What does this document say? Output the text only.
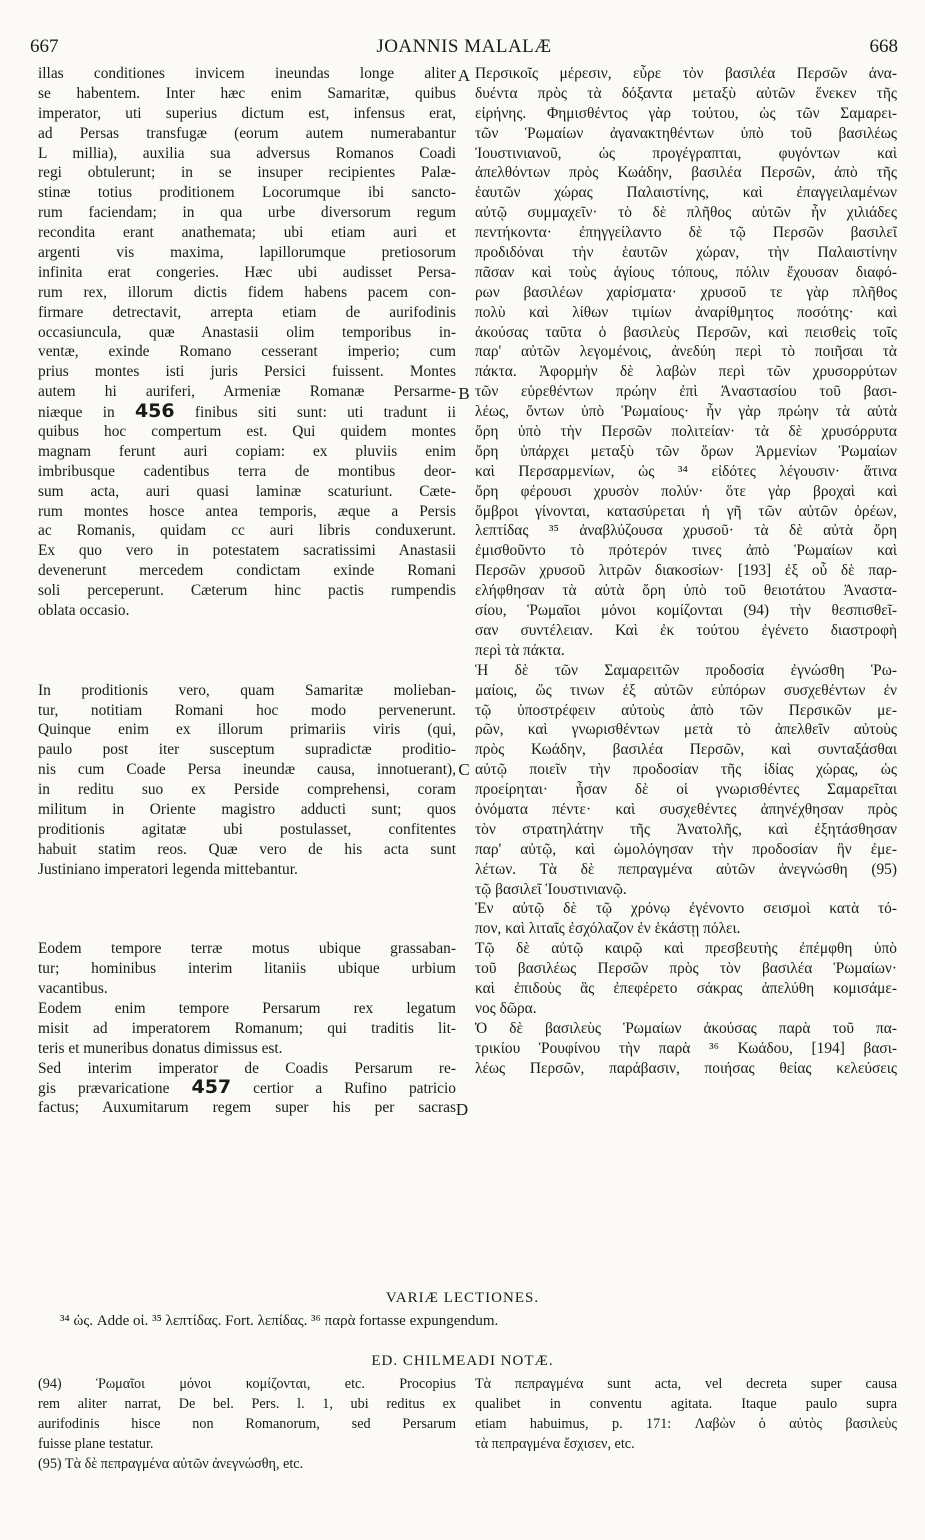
667	JOANNIS MALALÆ	668
A
B
C
D
illas conditiones invicem ineundas longe aliter
se habentem. Inter hæc enim Samaritæ, quibus
imperator, uti superius dictum est, infensus erat,
ad Persas transfugæ (eorum autem numerabantur
L millia), auxilia sua adversus Romanos Coadi
regi obtulerunt; in se insuper recipientes Palæ-
stinæ totius proditionem Locorumque ibi sancto-
rum faciendam; in qua urbe diversorum regum
recondita erant anathemata; ubi etiam auri et
argenti vis maxima, lapillorumque pretiosorum
infinita erat congeries. Hæc ubi audisset Persa-
rum rex, illorum dictis fidem habens pacem con-
firmare detrectavit, arrepta etiam de aurifodinis
occasiuncula, quæ Anastasii olim temporibus in-
ventæ, exinde Romano cesserant imperio; cum
prius montes isti juris Persici fuissent. Montes
autem hi auriferi, Armeniæ Romanæ Persarme-
niæque in 456 finibus siti sunt: uti tradunt ii
quibus hoc compertum est. Qui quidem montes
magnam ferunt auri copiam: ex pluviis enim
imbribusque cadentibus terra de montibus deor-
sum acta, auri quasi laminæ scaturiunt. Cæte-
rum montes hosce antea temporis, æque a Persis
ac Romanis, quidam cc auri libris conduxerunt.
Ex quo vero in potestatem sacratissimi Anastasii
devenerunt mercedem condictam exinde Romani
soli perceperunt. Cæterum hinc pactis rumpendis
oblata occasio.
In proditionis vero, quam Samaritæ molieban-
tur, notitiam Romani hoc modo pervenerunt.
Quinque enim ex illorum primariis viris (qui,
paulo post iter susceptum supradictæ proditio-
nis cum Coade Persa ineundæ causa, innotuerant),
in reditu suo ex Perside comprehensi, coram
militum in Oriente magistro adducti sunt; quos
proditionis agitatæ ubi postulasset, confitentes
habuit statim reos. Quæ vero de his acta sunt
Justiniano imperatori legenda mittebantur.
Eodem tempore terræ motus ubique grassaban-
tur; hominibus interim litaniis ubique urbium
vacantibus.
Eodem enim tempore Persarum rex legatum
misit ad imperatorem Romanum; qui traditis lit-
teris et muneribus donatus dimissus est.
Sed interim imperator de Coadis Persarum re-
gis prævaricatione 457 certior a Rufino patricio
factus; Auxumitarum regem super his per sacras
Περσικοῖς μέρεσιν, εὗρε τὸν βασιλέα Περσῶν ἀνα-
δυέντα πρὸς τὰ δόξαντα μεταξὺ αὐτῶν ἕνεκεν τῆς
εἰρήνης. Φημισθέντος γὰρ τούτου, ὡς τῶν Σαμαρει-
τῶν Ῥωμαίων ἀγανακτηθέντων ὑπὸ τοῦ βασιλέως
Ἰουστινιανοῦ, ὡς προγέγραπται, φυγόντων καὶ
ἀπελθόντων πρὸς Κωάδην, βασιλέα Περσῶν, ἀπὸ τῆς
ἑαυτῶν χώρας Παλαιστίνης, καὶ ἐπαγγειλαμένων
αὐτῷ συμμαχεῖν· τὸ δὲ πλῆθος αὐτῶν ἦν χιλιάδες
πεντήκοντα· ἐπηγγείλαντο δὲ τῷ Περσῶν βασιλεῖ
προδιδόναι τὴν ἑαυτῶν χώραν, τὴν Παλαιστίνην
πᾶσαν καὶ τοὺς ἁγίους τόπους, πόλιν ἔχουσαν διαφό-
ρων βασιλέων χαρίσματα· χρυσοῦ τε γὰρ πλῆθος
πολὺ καὶ λίθων τιμίων ἀναρίθμητος ποσότης· καὶ
ἀκούσας ταῦτα ὁ βασιλεὺς Περσῶν, καὶ πεισθεὶς τοῖς
παρ' αὐτῶν λεγομένοις, ἀνεδύη περὶ τὸ ποιῆσαι τὰ
πάκτα. Ἀφορμὴν δὲ λαβὼν περὶ τῶν χρυσορρύτων
τῶν εὑρεθέντων πρώην ἐπὶ Ἀναστασίου τοῦ βασι-
λέως, ὄντων ὑπὸ Ῥωμαίους· ἦν γὰρ πρώην τὰ αὐτὰ
ὄρη ὑπὸ τὴν Περσῶν πολιτείαν· τὰ δὲ χρυσόρρυτα
ὄρη ὑπάρχει μεταξὺ τῶν ὅρων Ἀρμενίων Ῥωμαίων
καὶ Περσαρμενίων, ὡς ³⁴ εἰδότες λέγουσιν· ἅτινα
ὄρη φέρουσι χρυσὸν πολύν· ὅτε γὰρ βροχαὶ καὶ
ὄμβροι γίνονται, κατασύρεται ἡ γῆ τῶν αὐτῶν ὀρέων,
λεπτίδας ³⁵ ἀναβλύζουσα χρυσοῦ· τὰ δὲ αὐτὰ ὄρη
ἐμισθοῦντο τὸ πρότερόν τινες ἀπὸ Ῥωμαίων καὶ
Περσῶν χρυσοῦ λιτρῶν διακοσίων· [193] ἐξ οὗ δὲ παρ-
ελήφθησαν τὰ αὐτὰ ὄρη ὑπὸ τοῦ θειοτάτου Ἀναστα-
σίου, Ῥωμαῖοι μόνοι κομίζονται (94) τὴν θεσπισθεῖ-
σαν συντέλειαν. Καὶ ἐκ τούτου ἐγένετο διαστροφὴ
περὶ τὰ πάκτα.
Ἡ δὲ τῶν Σαμαρειτῶν προδοσία ἐγνώσθη Ῥω-
μαίοις, ὥς τινων ἐξ αὐτῶν εὐπόρων συσχεθέντων ἐν
τῷ ὑποστρέφειν αὐτοὺς ἀπὸ τῶν Περσικῶν με-
ρῶν, καὶ γνωρισθέντων μετὰ τὸ ἀπελθεῖν αὐτοὺς
πρὸς Κωάδην, βασιλέα Περσῶν, καὶ συνταξάσθαι
αὐτῷ ποιεῖν τὴν προδοσίαν τῆς ἰδίας χώρας, ὡς
προείρηται· ἦσαν δὲ οἱ γνωρισθέντες Σαμαρεῖται
ὀνόματα πέντε· καὶ συσχεθέντες ἀπηνέχθησαν πρὸς
τὸν στρατηλάτην τῆς Ἀνατολῆς, καὶ ἐξητάσθησαν
παρ' αὐτῷ, καὶ ὡμολόγησαν τὴν προδοσίαν ἣν ἐμε-
λέτων. Τὰ δὲ πεπραγμένα αὐτῶν ἀνεγνώσθη (95)
τῷ βασιλεῖ Ἰουστινιανῷ.
Ἐν αὐτῷ δὲ τῷ χρόνῳ ἐγένοντο σεισμοὶ κατὰ τό-
πον, καὶ λιταῖς ἐσχόλαζον ἐν ἑκάστῃ πόλει.
Τῷ δὲ αὐτῷ καιρῷ καὶ πρεσβευτὴς ἐπέμφθη ὑπὸ
τοῦ βασιλέως Περσῶν πρὸς τὸν βασιλέα Ῥωμαίων·
καὶ ἐπιδοὺς ἃς ἐπεφέρετο σάκρας ἀπελύθη κομισάμε-
νος δῶρα.
Ὁ δὲ βασιλεὺς Ῥωμαίων ἀκούσας παρὰ τοῦ πα-
τρικίου Ῥουφίνου τὴν παρὰ ³⁶ Κωάδου, [194] βασι-
λέως Περσῶν, παράβασιν, ποιήσας θείας κελεύσεις
VARIÆ LECTIONES.
³⁴ ὡς. Adde οἱ. ³⁵ λεπτίδας. Fort. λεπίδας. ³⁶ παρὰ fortasse expungendum.
ED. CHILMEADI NOTÆ.
(94) Ῥωμαῖοι μόνοι κομίζονται, etc. Procopius
rem aliter narrat, De bel. Pers. l. 1, ubi reditus ex
aurifodinis hisce non Romanorum, sed Persarum
fuisse plane testatur.
(95) Τὰ δὲ πεπραγμένα αὐτῶν ἀνεγνώσθη, etc.
Τὰ πεπραγμένα sunt acta, vel decreta super causa
qualibet in conventu agitata. Itaque paulo supra
etiam habuimus, p. 171: Λαβὼν ὁ αὐτὸς βασιλεὺς
τὰ πεπραγμένα ἔσχισεν, etc.
